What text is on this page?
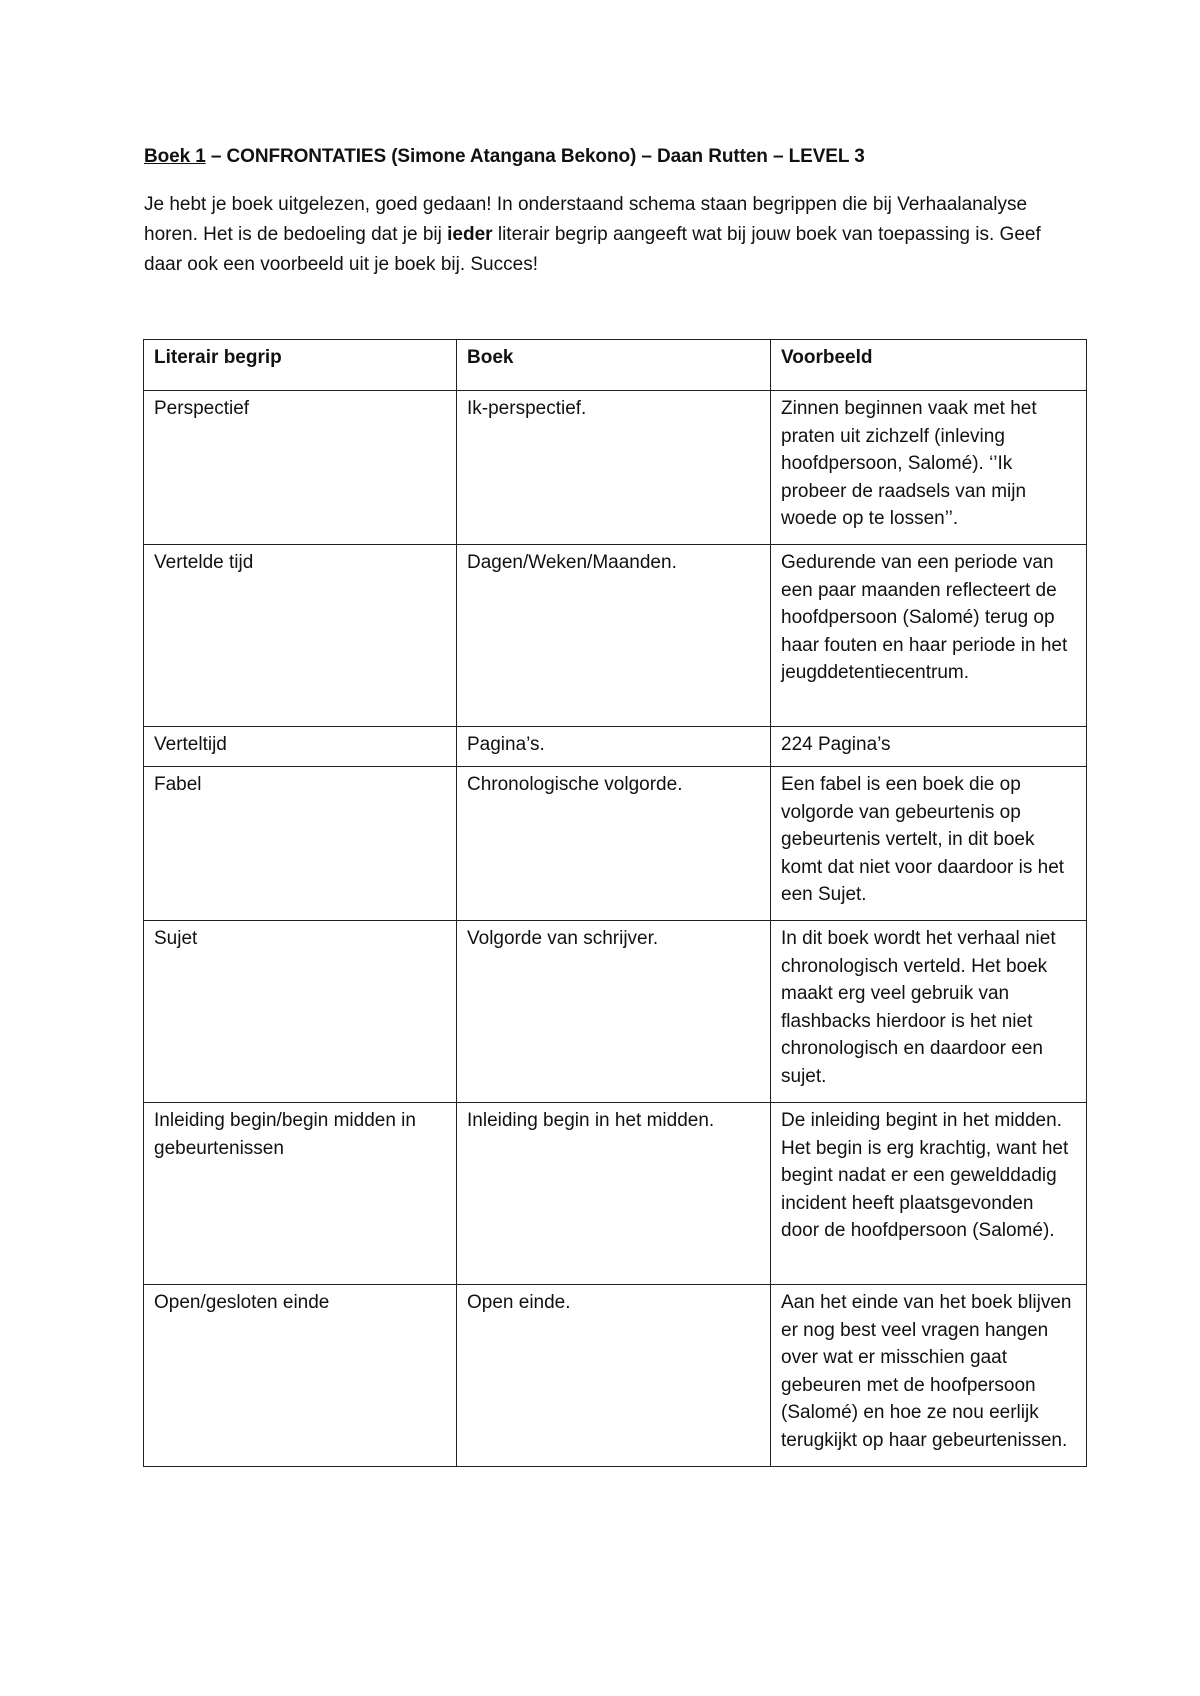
Boek 1 – CONFRONTATIES (Simone Atangana Bekono) – Daan Rutten – LEVEL 3

Je hebt je boek uitgelezen, goed gedaan! In onderstaand schema staan begrippen die bij Verhaalanalyse horen. Het is de bedoeling dat je bij ieder literair begrip aangeeft wat bij jouw boek van toepassing is. Geef daar ook een voorbeeld uit je boek bij. Succes!

Literair begrip	Boek	Voorbeeld
Perspectief	Ik-perspectief.	Zinnen beginnen vaak met het praten uit zichzelf (inleving hoofdpersoon, Salomé). ‘’Ik probeer de raadsels van mijn woede op te lossen’’.
Vertelde tijd	Dagen/Weken/Maanden.	Gedurende van een periode van een paar maanden reflecteert de hoofdpersoon (Salomé) terug op haar fouten en haar periode in het jeugddetentiecentrum.
Verteltijd	Pagina’s.	224 Pagina’s
Fabel	Chronologische volgorde.	Een fabel is een boek die op volgorde van gebeurtenis op gebeurtenis vertelt, in dit boek komt dat niet voor daardoor is het een Sujet.
Sujet	Volgorde van schrijver.	In dit boek wordt het verhaal niet chronologisch verteld. Het boek maakt erg veel gebruik van flashbacks hierdoor is het niet chronologisch en daardoor een sujet.
Inleiding begin/begin midden in gebeurtenissen	Inleiding begin in het midden.	De inleiding begint in het midden. Het begin is erg krachtig, want het begint nadat er een gewelddadig incident heeft plaatsgevonden door de hoofdpersoon (Salomé).
Open/gesloten einde	Open einde.	Aan het einde van het boek blijven er nog best veel vragen hangen over wat er misschien gaat gebeuren met de hoofpersoon (Salomé) en hoe ze nou eerlijk terugkijkt op haar gebeurtenissen.
